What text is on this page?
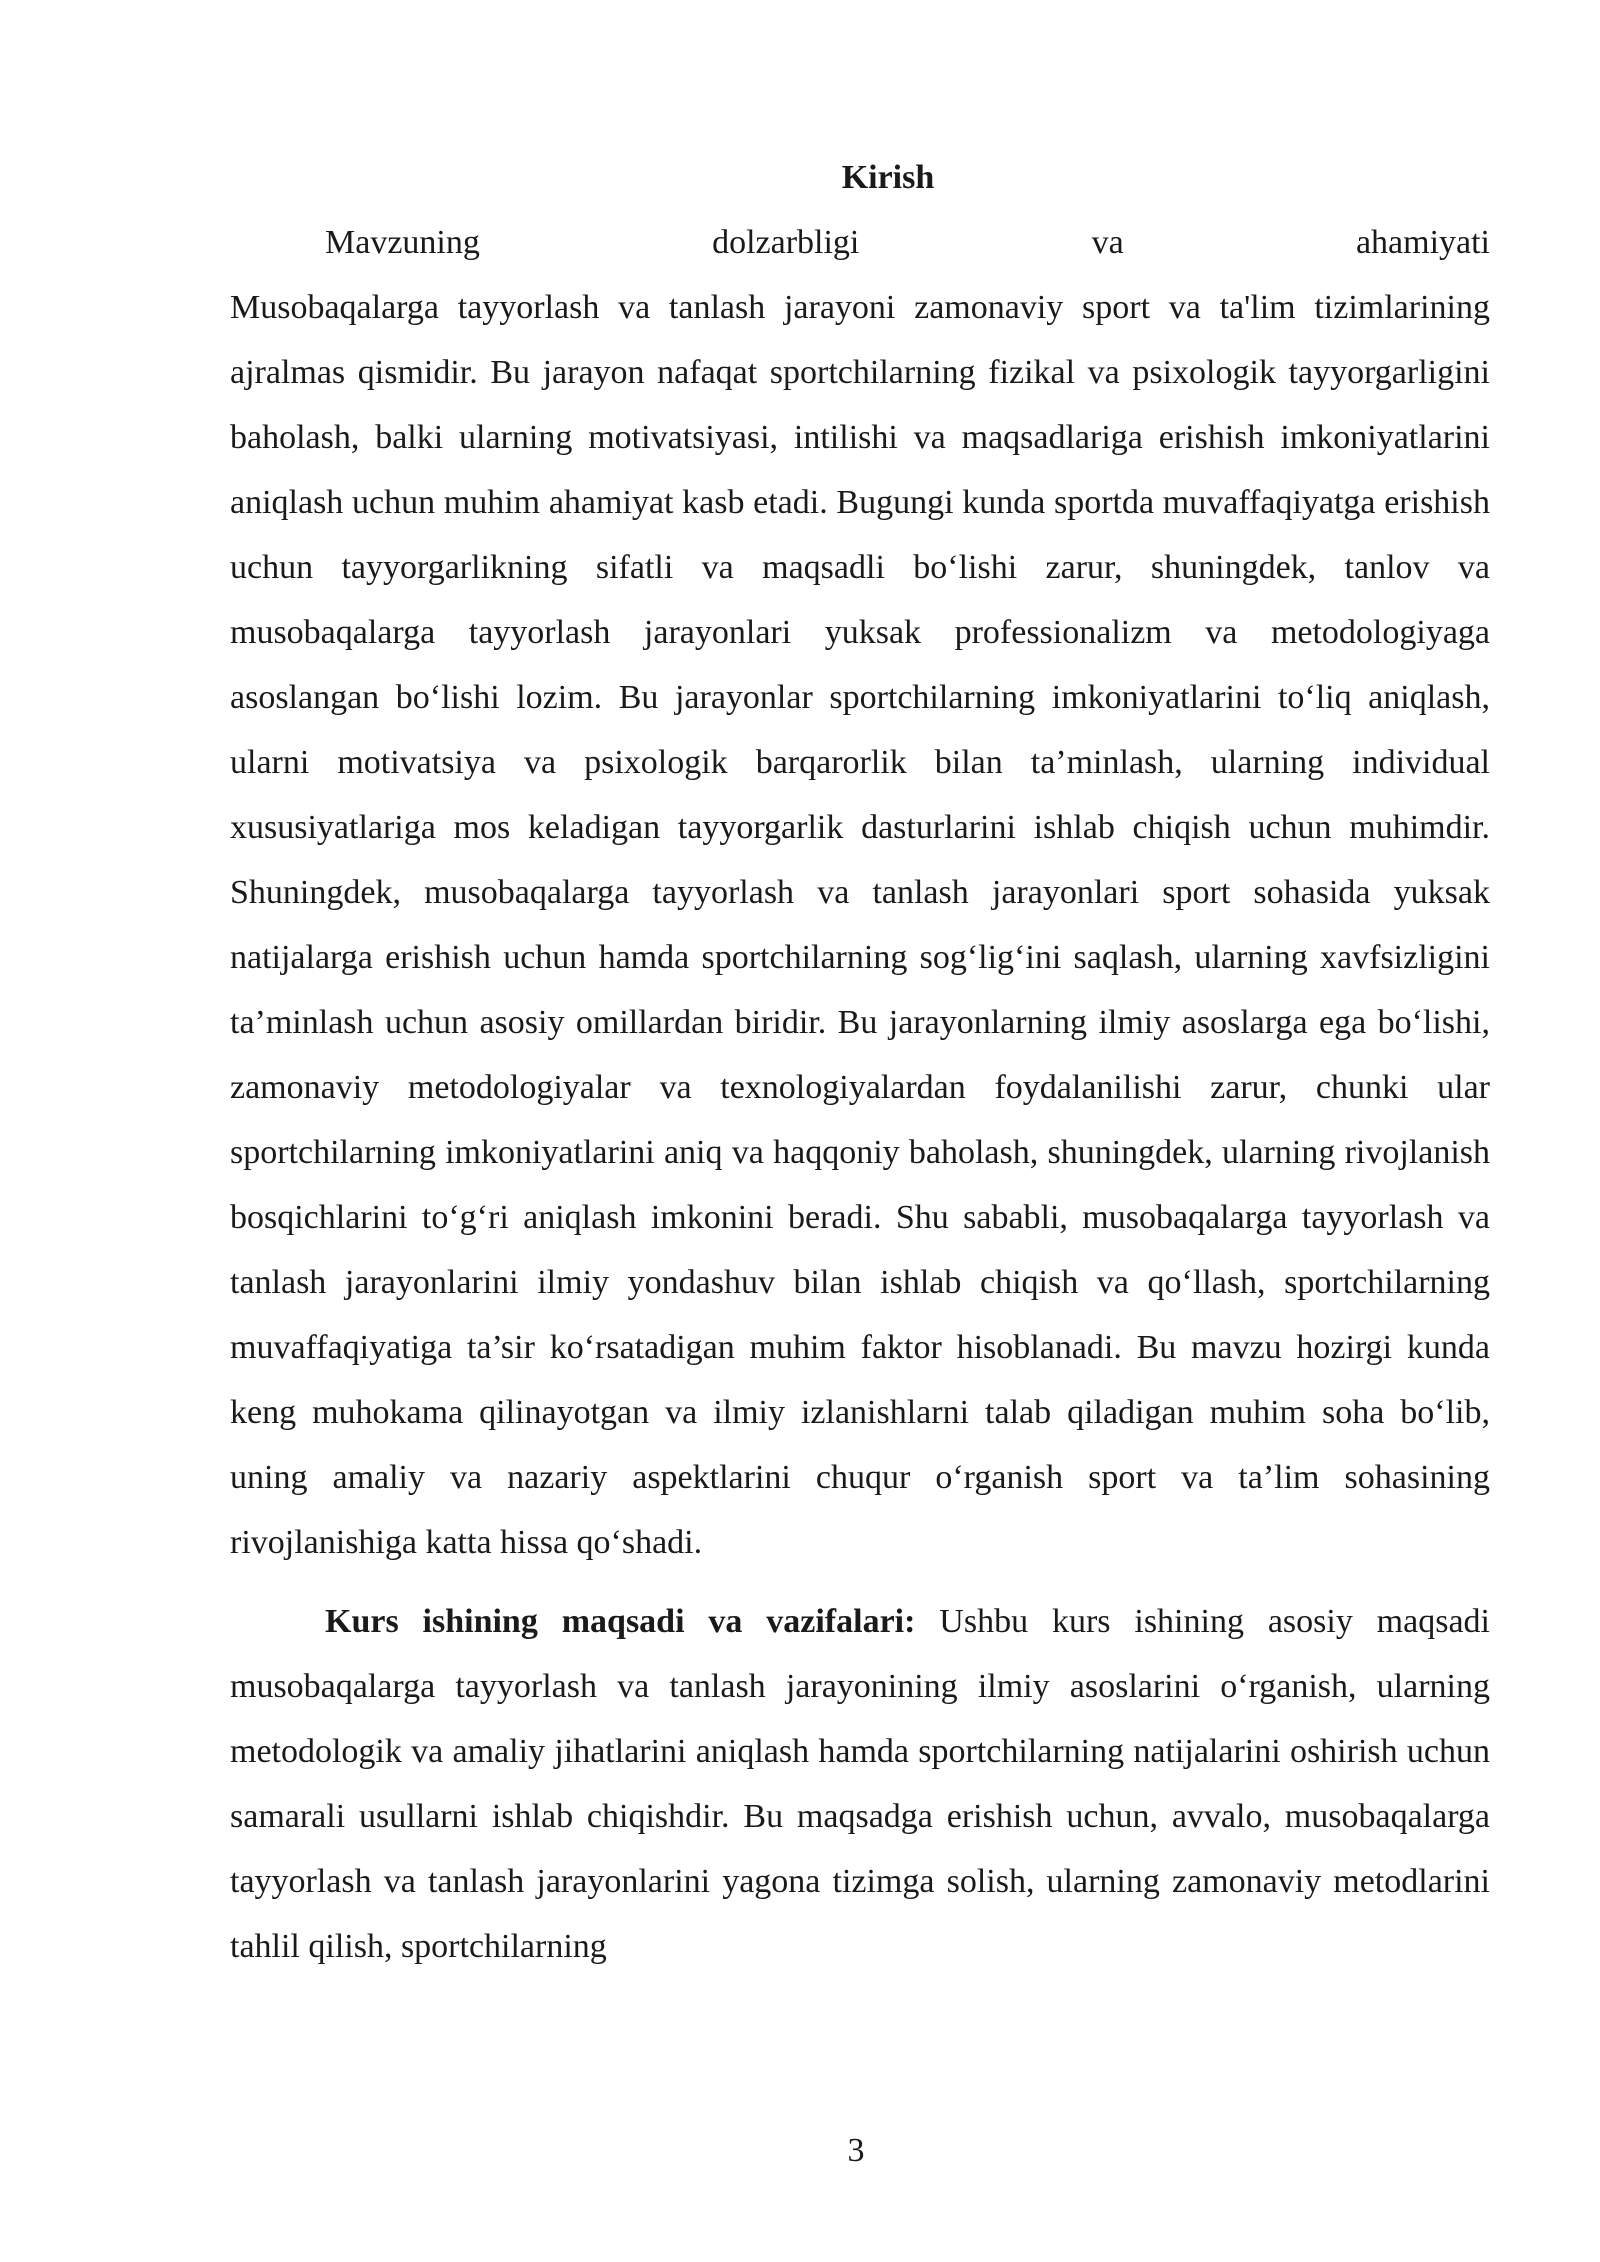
Kirish

Mavzuning dolzarbligi va ahamiyati

Musobaqalarga tayyorlash va tanlash jarayoni zamonaviy sport va ta'lim tizimlarining ajralmas qismidir. Bu jarayon nafaqat sportchilarning fizikal va psixologik tayyorgarligini baholash, balki ularning motivatsiyasi, intilishi va maqsadlariga erishish imkoniyatlarini aniqlash uchun muhim ahamiyat kasb etadi. Bugungi kunda sportda muvaffaqiyatga erishish uchun tayyorgarlikning sifatli va maqsadli bo‘lishi zarur, shuningdek, tanlov va musobaqalarga tayyorlash jarayonlari yuksak professionalizm va metodologiyaga asoslangan bo‘lishi lozim. Bu jarayonlar sportchilarning imkoniyatlarini to‘liq aniqlash, ularni motivatsiya va psixologik barqarorlik bilan ta’minlash, ularning individual xususiyatlariga mos keladigan tayyorgarlik dasturlarini ishlab chiqish uchun muhimdir. Shuningdek, musobaqalarga tayyorlash va tanlash jarayonlari sport sohasida yuksak natijalarga erishish uchun hamda sportchilarning sog‘lig‘ini saqlash, ularning xavfsizligini ta’minlash uchun asosiy omillardan biridir. Bu jarayonlarning ilmiy asoslarga ega bo‘lishi, zamonaviy metodologiyalar va texnologiyalardan foydalanilishi zarur, chunki ular sportchilarning imkoniyatlarini aniq va haqqoniy baholash, shuningdek, ularning rivojlanish bosqichlarini to‘g‘ri aniqlash imkonini beradi. Shu sababli, musobaqalarga tayyorlash va tanlash jarayonlarini ilmiy yondashuv bilan ishlab chiqish va qo‘llash, sportchilarning muvaffaqiyatiga ta’sir ko‘rsatadigan muhim faktor hisoblanadi. Bu mavzu hozirgi kunda keng muhokama qilinayotgan va ilmiy izlanishlarni talab qiladigan muhim soha bo‘lib, uning amaliy va nazariy aspektlarini chuqur o‘rganish sport va ta’lim sohasining rivojlanishiga katta hissa qo‘shadi.

Kurs ishining maqsadi va vazifalari: Ushbu kurs ishining asosiy maqsadi musobaqalarga tayyorlash va tanlash jarayonining ilmiy asoslarini o‘rganish, ularning metodologik va amaliy jihatlarini aniqlash hamda sportchilarning natijalarini oshirish uchun samarali usullarni ishlab chiqishdir. Bu maqsadga erishish uchun, avvalo, musobaqalarga tayyorlash va tanlash jarayonlarini yagona tizimga solish, ularning zamonaviy metodlarini tahlil qilish, sportchilarning

3
